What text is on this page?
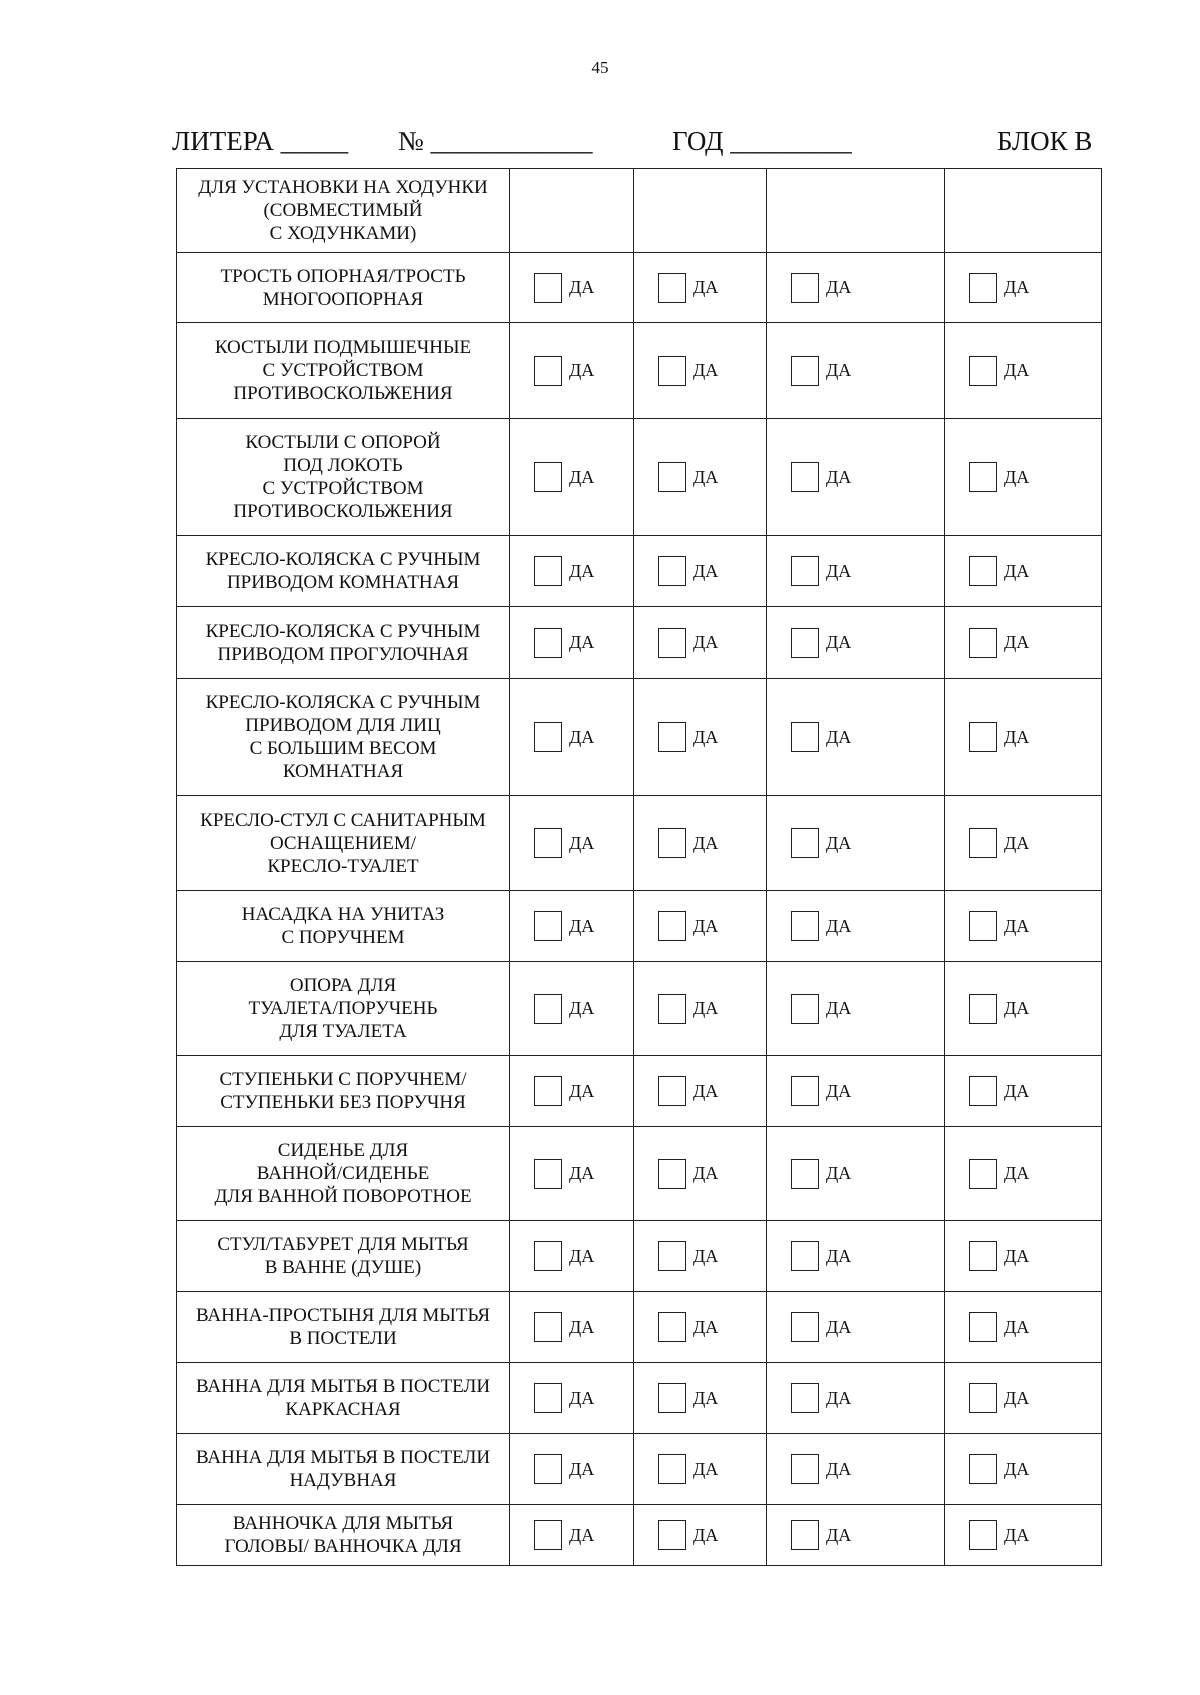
45
ЛИТЕРА _____ № ____________	ГОД _________	БЛОК В
ДЛЯ УСТАНОВКИ НА ХОДУНКИ
(СОВМЕСТИМЫЙ
С ХОДУНКАМИ)				

ТРОСТЬ ОПОРНАЯ/ТРОСТЬ
МНОГООПОРНАЯ	ДА	ДА	ДА	ДА

КОСТЫЛИ ПОДМЫШЕЧНЫЕ
С УСТРОЙСТВОМ
ПРОТИВОСКОЛЬЖЕНИЯ	ДА	ДА	ДА	ДА

КОСТЫЛИ С ОПОРОЙ
ПОД ЛОКОТЬ
С УСТРОЙСТВОМ
ПРОТИВОСКОЛЬЖЕНИЯ	ДА	ДА	ДА	ДА

КРЕСЛО-КОЛЯСКА С РУЧНЫМ
ПРИВОДОМ КОМНАТНАЯ	ДА	ДА	ДА	ДА

КРЕСЛО-КОЛЯСКА С РУЧНЫМ
ПРИВОДОМ ПРОГУЛОЧНАЯ	ДА	ДА	ДА	ДА

КРЕСЛО-КОЛЯСКА С РУЧНЫМ
ПРИВОДОМ ДЛЯ ЛИЦ
С БОЛЬШИМ ВЕСОМ
КОМНАТНАЯ	ДА	ДА	ДА	ДА

КРЕСЛО-СТУЛ С САНИТАРНЫМ
ОСНАЩЕНИЕМ/
КРЕСЛО-ТУАЛЕТ	ДА	ДА	ДА	ДА

НАСАДКА НА УНИТАЗ
С ПОРУЧНЕМ	ДА	ДА	ДА	ДА

ОПОРА ДЛЯ
ТУАЛЕТА/ПОРУЧЕНЬ
ДЛЯ ТУАЛЕТА	ДА	ДА	ДА	ДА

СТУПЕНЬКИ С ПОРУЧНЕМ/
СТУПЕНЬКИ БЕЗ ПОРУЧНЯ	ДА	ДА	ДА	ДА

СИДЕНЬЕ ДЛЯ
ВАННОЙ/СИДЕНЬЕ
ДЛЯ ВАННОЙ ПОВОРОТНОЕ	ДА	ДА	ДА	ДА

СТУЛ/ТАБУРЕТ ДЛЯ МЫТЬЯ
В ВАННЕ (ДУШЕ)	ДА	ДА	ДА	ДА

ВАННА-ПРОСТЫНЯ ДЛЯ МЫТЬЯ
В ПОСТЕЛИ	ДА	ДА	ДА	ДА

ВАННА ДЛЯ МЫТЬЯ В ПОСТЕЛИ
КАРКАСНАЯ	ДА	ДА	ДА	ДА

ВАННА ДЛЯ МЫТЬЯ В ПОСТЕЛИ
НАДУВНАЯ	ДА	ДА	ДА	ДА

ВАННОЧКА ДЛЯ МЫТЬЯ
ГОЛОВЫ/ ВАННОЧКА ДЛЯ	ДА	ДА	ДА	ДА
